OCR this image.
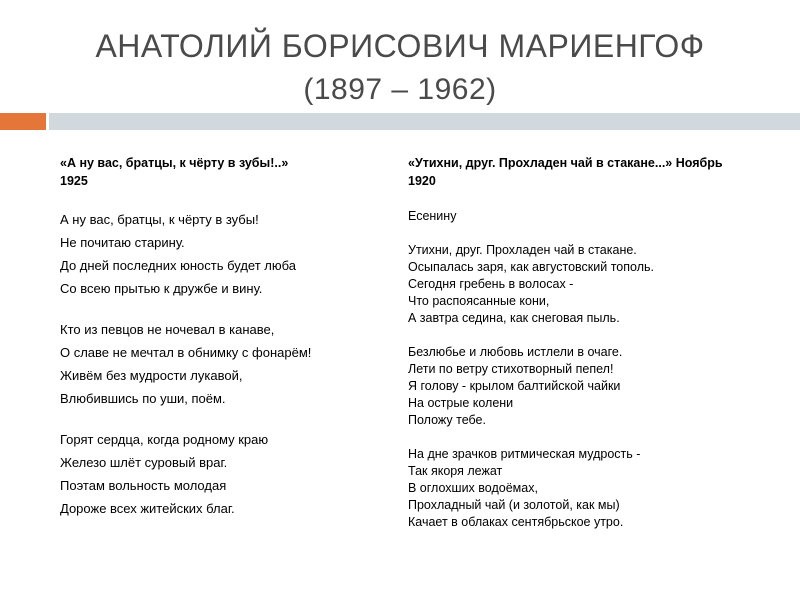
АНАТОЛИЙ БОРИСОВИЧ МАРИЕНГОФ
(1897 – 1962)
«А ну вас, братцы, к чёрту в зубы!..»
1925
А ну вас, братцы, к чёрту в зубы!
Не почитаю старину.
До дней последних юность будет люба
Со всею прытью к дружбе и вину.
Кто из певцов не ночевал в канаве,
О славе не мечтал в обнимку с фонарём!
Живём без мудрости лукавой,
Влюбившись по уши, поём.
Горят сердца, когда родному краю
Железо шлёт суровый враг.
Поэтам вольность молодая
Дороже всех житейских благ.
«Утихни, друг. Прохладен чай в стакане...» Ноябрь
1920
Есенину
Утихни, друг. Прохладен чай в стакане.
Осыпалась заря, как августовский тополь.
Сегодня гребень в волосах -
Что распоясанные кони,
А завтра седина, как снеговая пыль.
Безлюбье и любовь истлели в очаге.
Лети по ветру стихотворный пепел!
Я голову - крылом балтийской чайки
На острые колени
Положу тебе.
На дне зрачков ритмическая мудрость -
Так якоря лежат
В оглохших водоёмах,
Прохладный чай (и золотой, как мы)
Качает в облаках сентябрьское утро.
